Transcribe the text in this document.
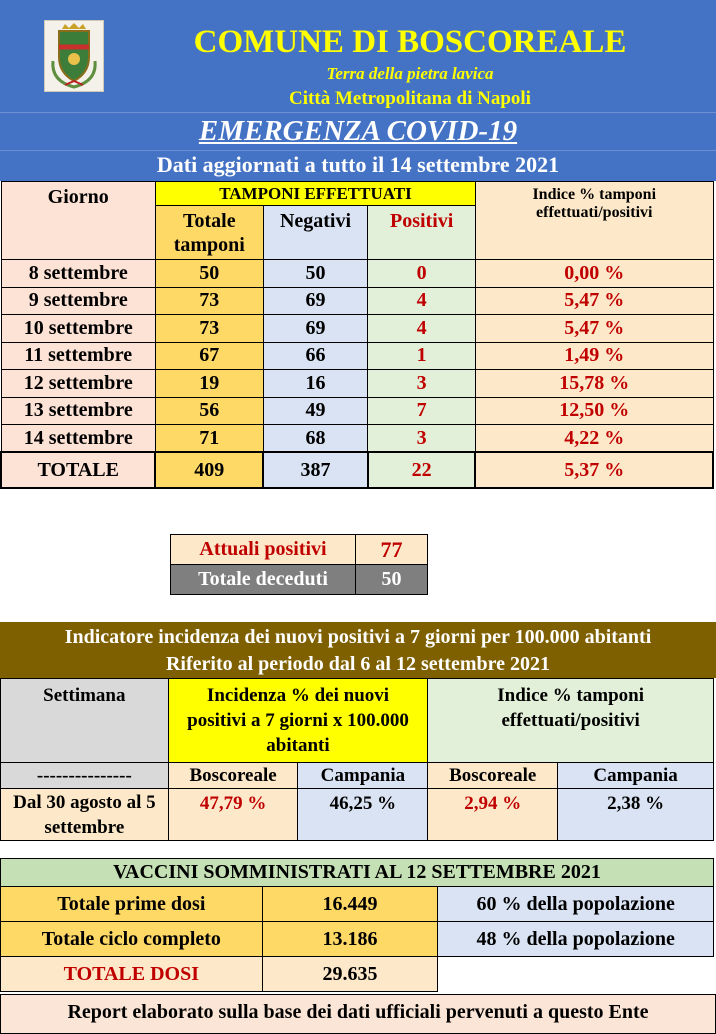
COMUNE DI BOSCOREALE
Terra della pietra lavica
Città Metropolitana di Napoli
EMERGENZA COVID-19
Dati aggiornati a tutto il 14 settembre 2021
Giorno	TAMPONI EFFETTUATI			Indice % tamponi effettuati/positivi
	Totale tamponi	Negativi	Positivi	
8 settembre	50	50	0	0,00 %
9 settembre	73	69	4	5,47 %
10 settembre	73	69	4	5,47 %
11 settembre	67	66	1	1,49 %
12 settembre	19	16	3	15,78 %
13 settembre	56	49	7	12,50 %
14 settembre	71	68	3	4,22 %
TOTALE	409	387	22	5,37 %
Attuali positivi	77
Totale deceduti	50
Indicatore incidenza dei nuovi positivi a 7 giorni per 100.000 abitanti
Riferito al periodo dal 6 al 12 settembre 2021
Settimana	Incidenza % dei nuovi positivi a 7 giorni x 100.000 abitanti		Indice % tamponi effettuati/positivi	
---------------	Boscoreale	Campania	Boscoreale	Campania
Dal 30 agosto al 5 settembre	47,79 %	46,25 %	2,94 %	2,38 %
VACCINI SOMMINISTRATI AL 12 SETTEMBRE 2021		
Totale prime dosi	16.449	60 % della popolazione
Totale ciclo completo	13.186	48 % della popolazione
TOTALE DOSI	29.635	
Report elaborato sulla base dei dati ufficiali pervenuti a questo Ente
